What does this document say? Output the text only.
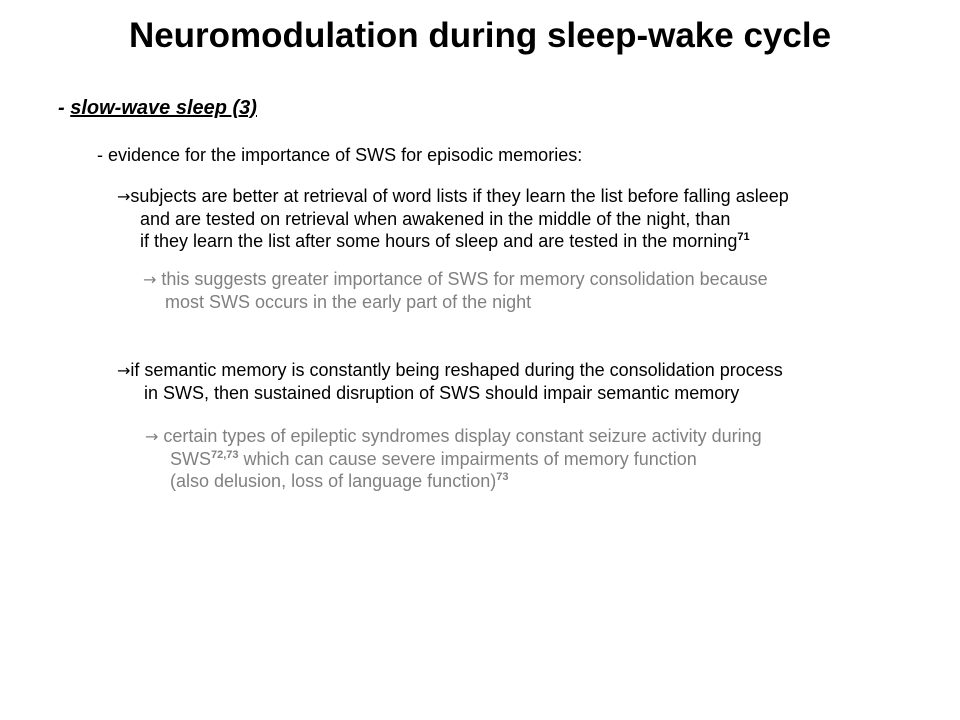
Neuromodulation during sleep-wake cycle
- slow-wave sleep (3)
- evidence for the importance of SWS for episodic memories:
→subjects are better at retrieval of word lists if they learn the list before falling asleep
and are tested on retrieval when awakened in the middle of the night, than
if they learn the list after some hours of sleep and are tested in the morning$^{71}$
→ this suggests greater importance of SWS for memory consolidation because
most SWS occurs in the early part of the night
→if semantic memory is constantly being reshaped during the consolidation process
in SWS, then sustained disruption of SWS should impair semantic memory
→ certain types of epileptic syndromes display constant seizure activity during
SWS$^{72,73}$ which can cause severe impairments of memory function
(also delusion, loss of language function)$^{73}$
